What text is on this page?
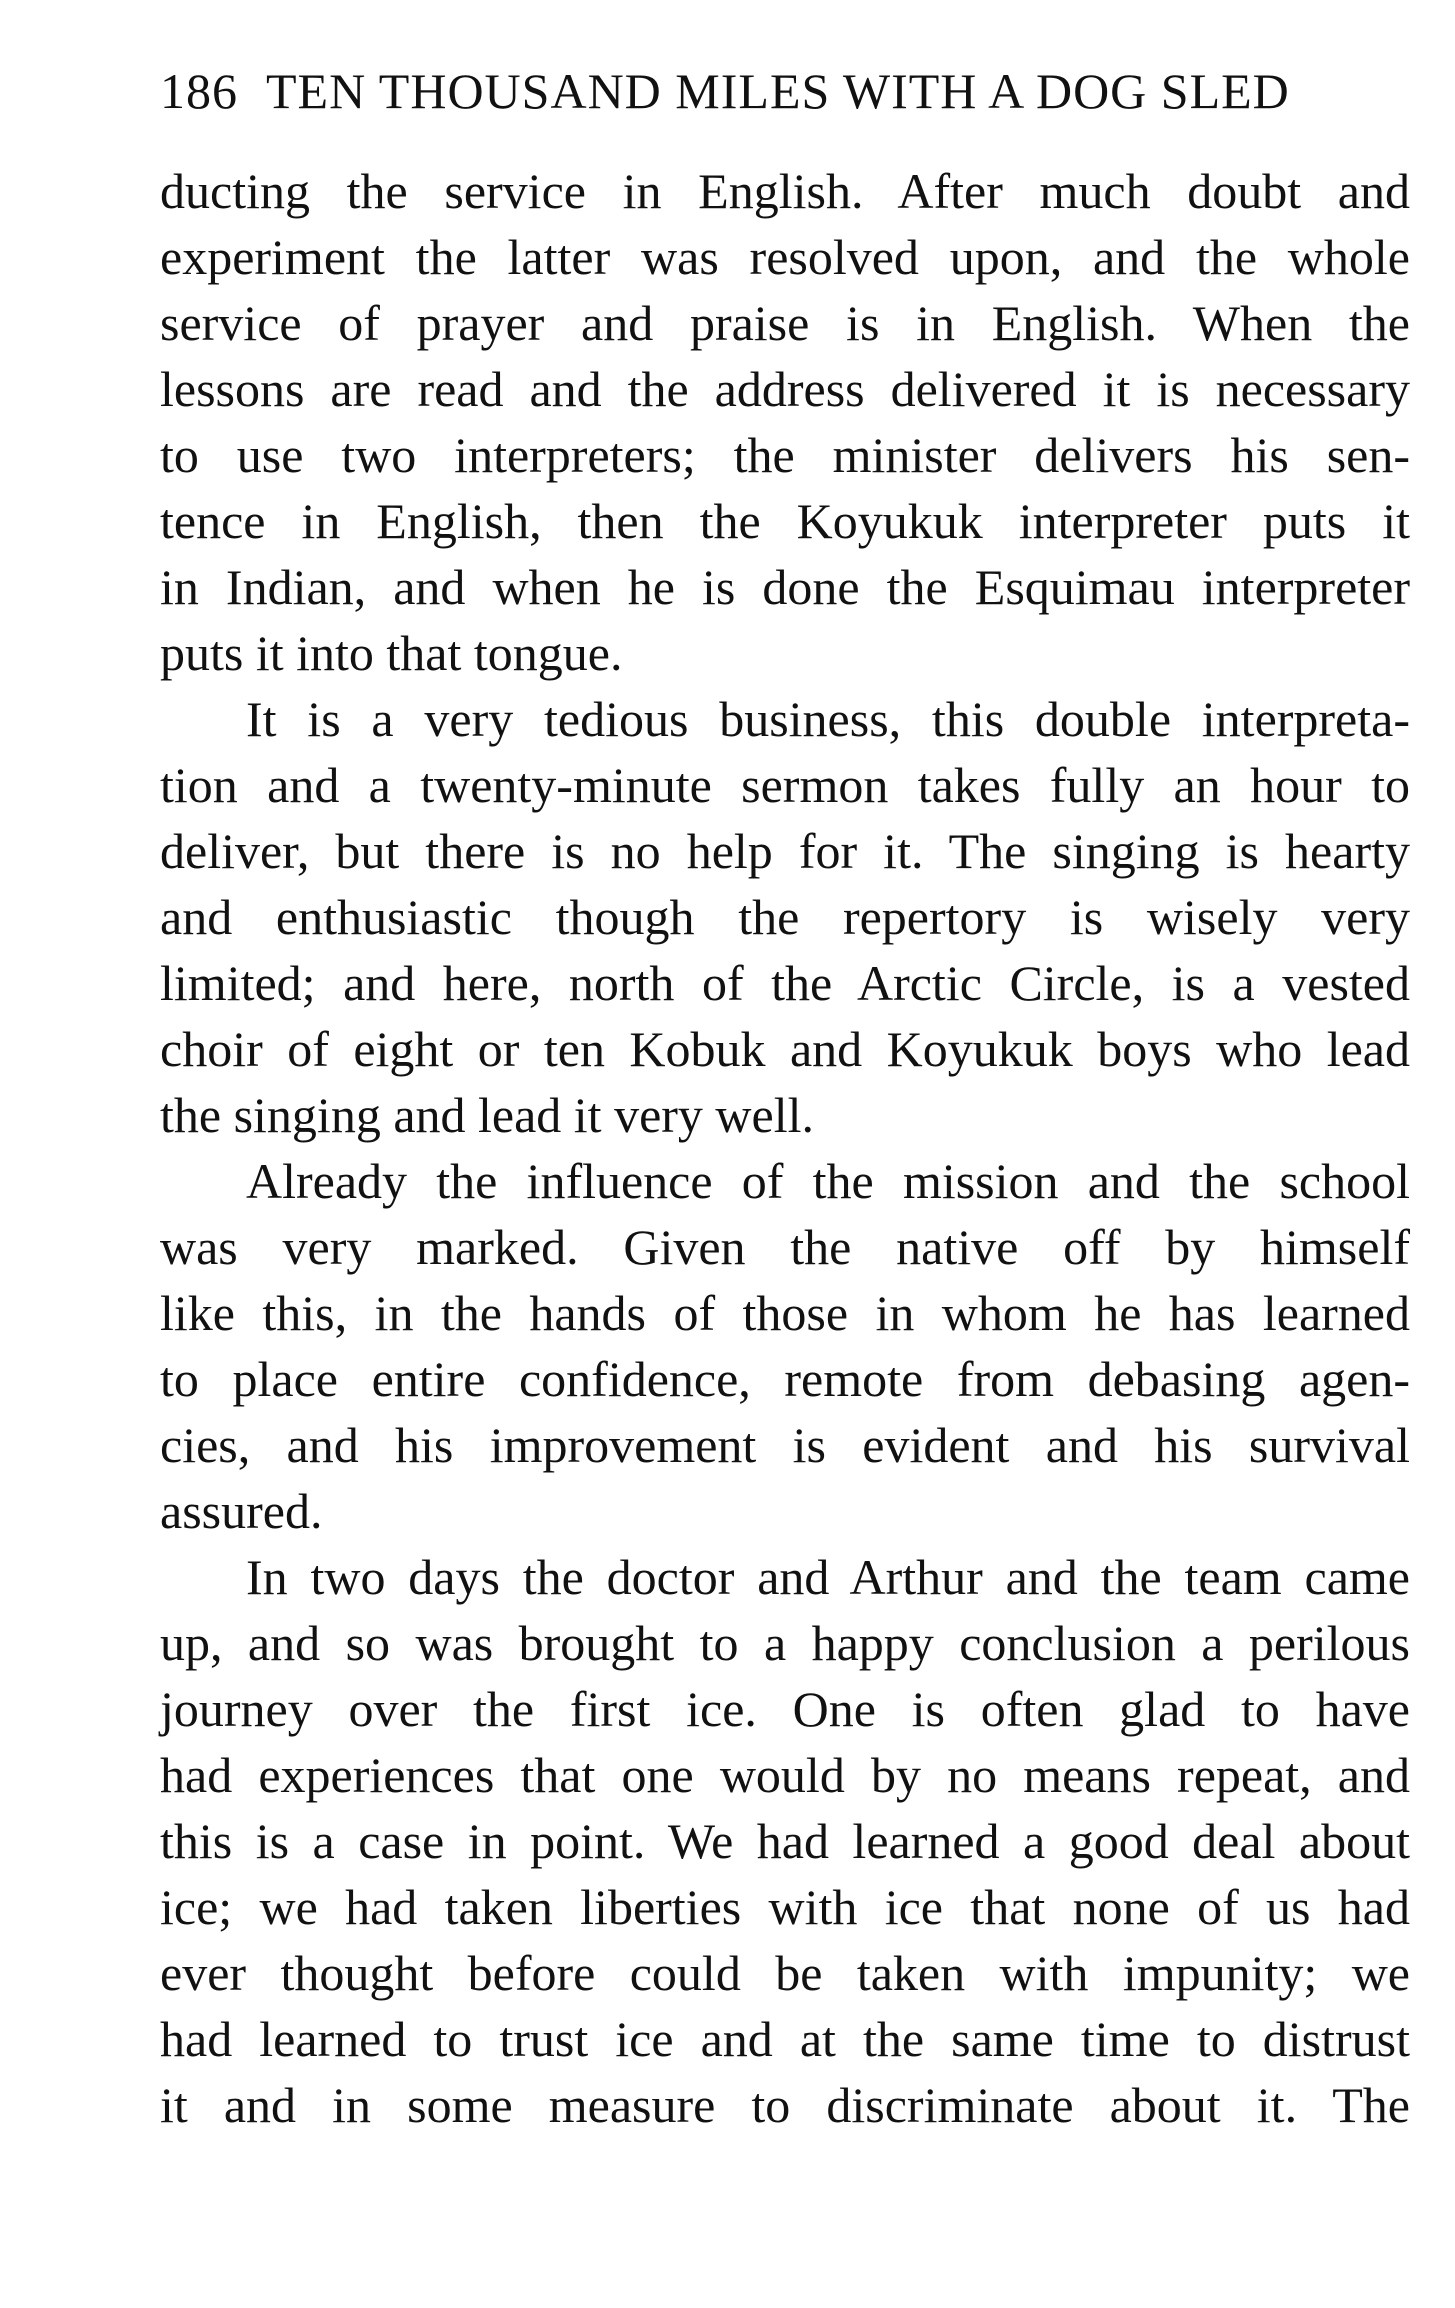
186 TEN THOUSAND MILES WITH A DOG SLED
ducting the service in English. After much doubt and
experiment the latter was resolved upon, and the whole
service of prayer and praise is in English. When the
lessons are read and the address delivered it is necessary
to use two interpreters; the minister delivers his sen-
tence in English, then the Koyukuk interpreter puts it
in Indian, and when he is done the Esquimau interpreter
puts it into that tongue.
It is a very tedious business, this double interpreta-
tion and a twenty-minute sermon takes fully an hour to
deliver, but there is no help for it. The singing is hearty
and enthusiastic though the repertory is wisely very
limited; and here, north of the Arctic Circle, is a vested
choir of eight or ten Kobuk and Koyukuk boys who lead
the singing and lead it very well.
Already the influence of the mission and the school
was very marked. Given the native off by himself
like this, in the hands of those in whom he has learned
to place entire confidence, remote from debasing agen-
cies, and his improvement is evident and his survival
assured.
In two days the doctor and Arthur and the team came
up, and so was brought to a happy conclusion a perilous
journey over the first ice. One is often glad to have
had experiences that one would by no means repeat, and
this is a case in point. We had learned a good deal about
ice; we had taken liberties with ice that none of us had
ever thought before could be taken with impunity; we
had learned to trust ice and at the same time to distrust
it and in some measure to discriminate about it. The
